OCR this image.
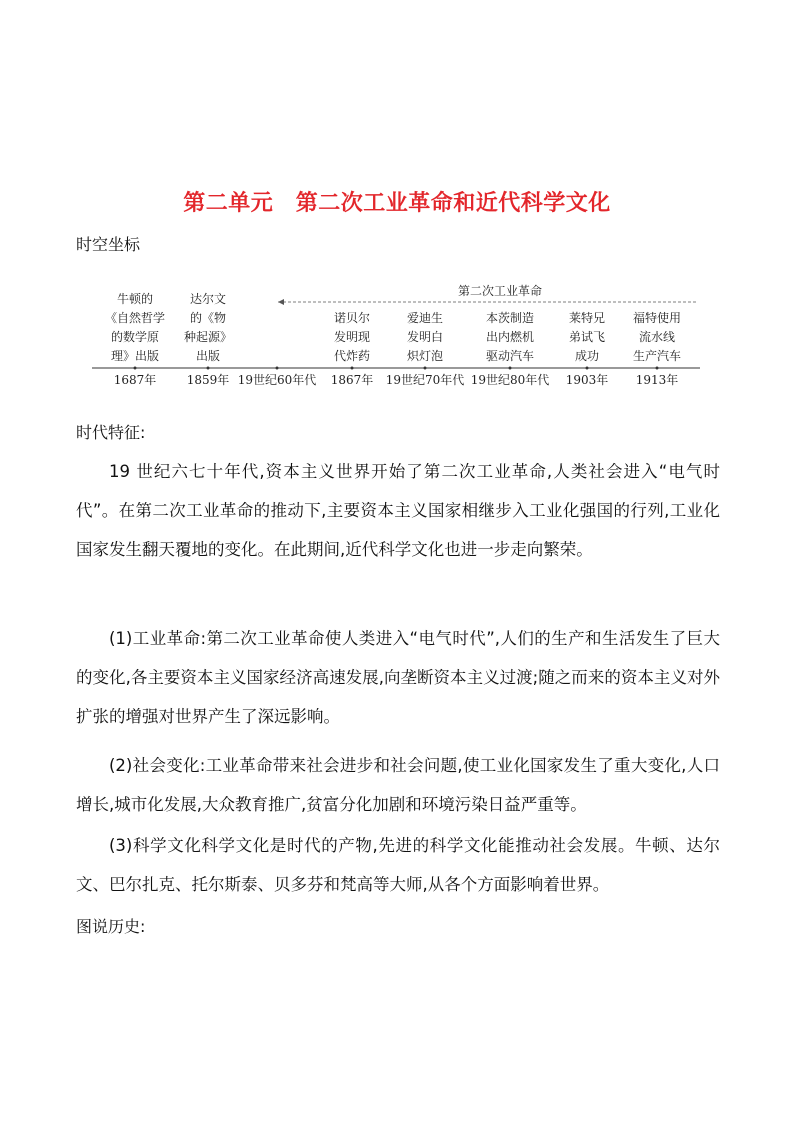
第二单元　第二次工业革命和近代科学文化
时空坐标
第二次工业革命
牛顿的
《自然哲学
的数学原
理》出版
1687年
达尔文
的《物
种起源》
出版
1859年 19世纪60年代
诺贝尔
发明现
代炸药
1867年
爱迪生
发明白
炽灯泡
19世纪70年代
本茨制造
出内燃机
驱动汽车
19世纪80年代
莱特兄
弟试飞
成功
1903年
福特使用
流水线
生产汽车
1913年
时代特征:
19 世纪六七十年代,资本主义世界开始了第二次工业革命,人类社会进入“电气时代”。在第二次工业革命的推动下,主要资本主义国家相继步入工业化强国的行列,工业化国家发生翻天覆地的变化。在此期间,近代科学文化也进一步走向繁荣。
(1)工业革命:第二次工业革命使人类进入“电气时代”,人们的生产和生活发生了巨大的变化,各主要资本主义国家经济高速发展,向垄断资本主义过渡;随之而来的资本主义对外扩张的增强对世界产生了深远影响。
(2)社会变化:工业革命带来社会进步和社会问题,使工业化国家发生了重大变化,人口增长,城市化发展,大众教育推广,贫富分化加剧和环境污染日益严重等。
(3)科学文化科学文化是时代的产物,先进的科学文化能推动社会发展。牛顿、达尔文、巴尔扎克、托尔斯泰、贝多芬和梵高等大师,从各个方面影响着世界。
图说历史:
